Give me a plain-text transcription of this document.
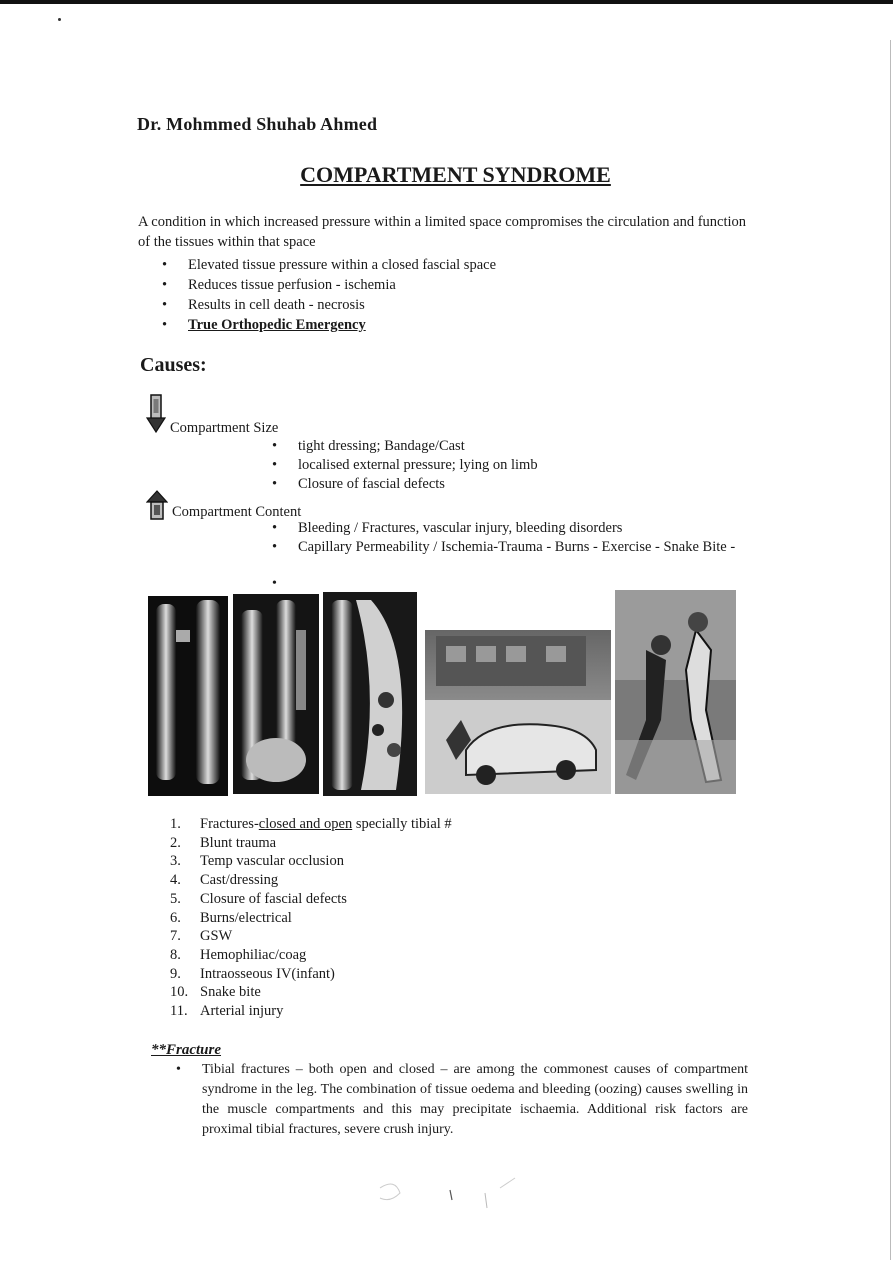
Dr. Mohmmed Shuhab Ahmed
COMPARTMENT SYNDROME
A condition in which increased pressure within a limited space compromises the circulation and function of the tissues within that space
• Elevated tissue pressure within a closed fascial space
• Reduces tissue perfusion - ischemia
• Results in cell death - necrosis
• True Orthopedic Emergency
Causes:
Compartment Size
• tight dressing; Bandage/Cast
• localised external pressure; lying on limb
• Closure of fascial defects
Compartment Content
• Bleeding / Fractures, vascular injury, bleeding disorders
• Capillary Permeability / Ischemia-Trauma - Burns - Exercise - Snake Bite -
•
1.	Fractures-closed and open specially tibial #
2.	Blunt trauma
3.	Temp vascular occlusion
4.	Cast/dressing
5.	Closure of fascial defects
6.	Burns/electrical
7.	GSW
8.	Hemophiliac/coag
9.	Intraosseous IV(infant)
10. Snake bite
11. Arterial injury
**Fracture
• Tibial fractures – both open and closed – are among the commonest causes of compartment syndrome in the leg. The combination of tissue oedema and bleeding (oozing) causes swelling in the muscle compartments and this may precipitate ischaemia. Additional risk factors are proximal tibial fractures, severe crush injury.
